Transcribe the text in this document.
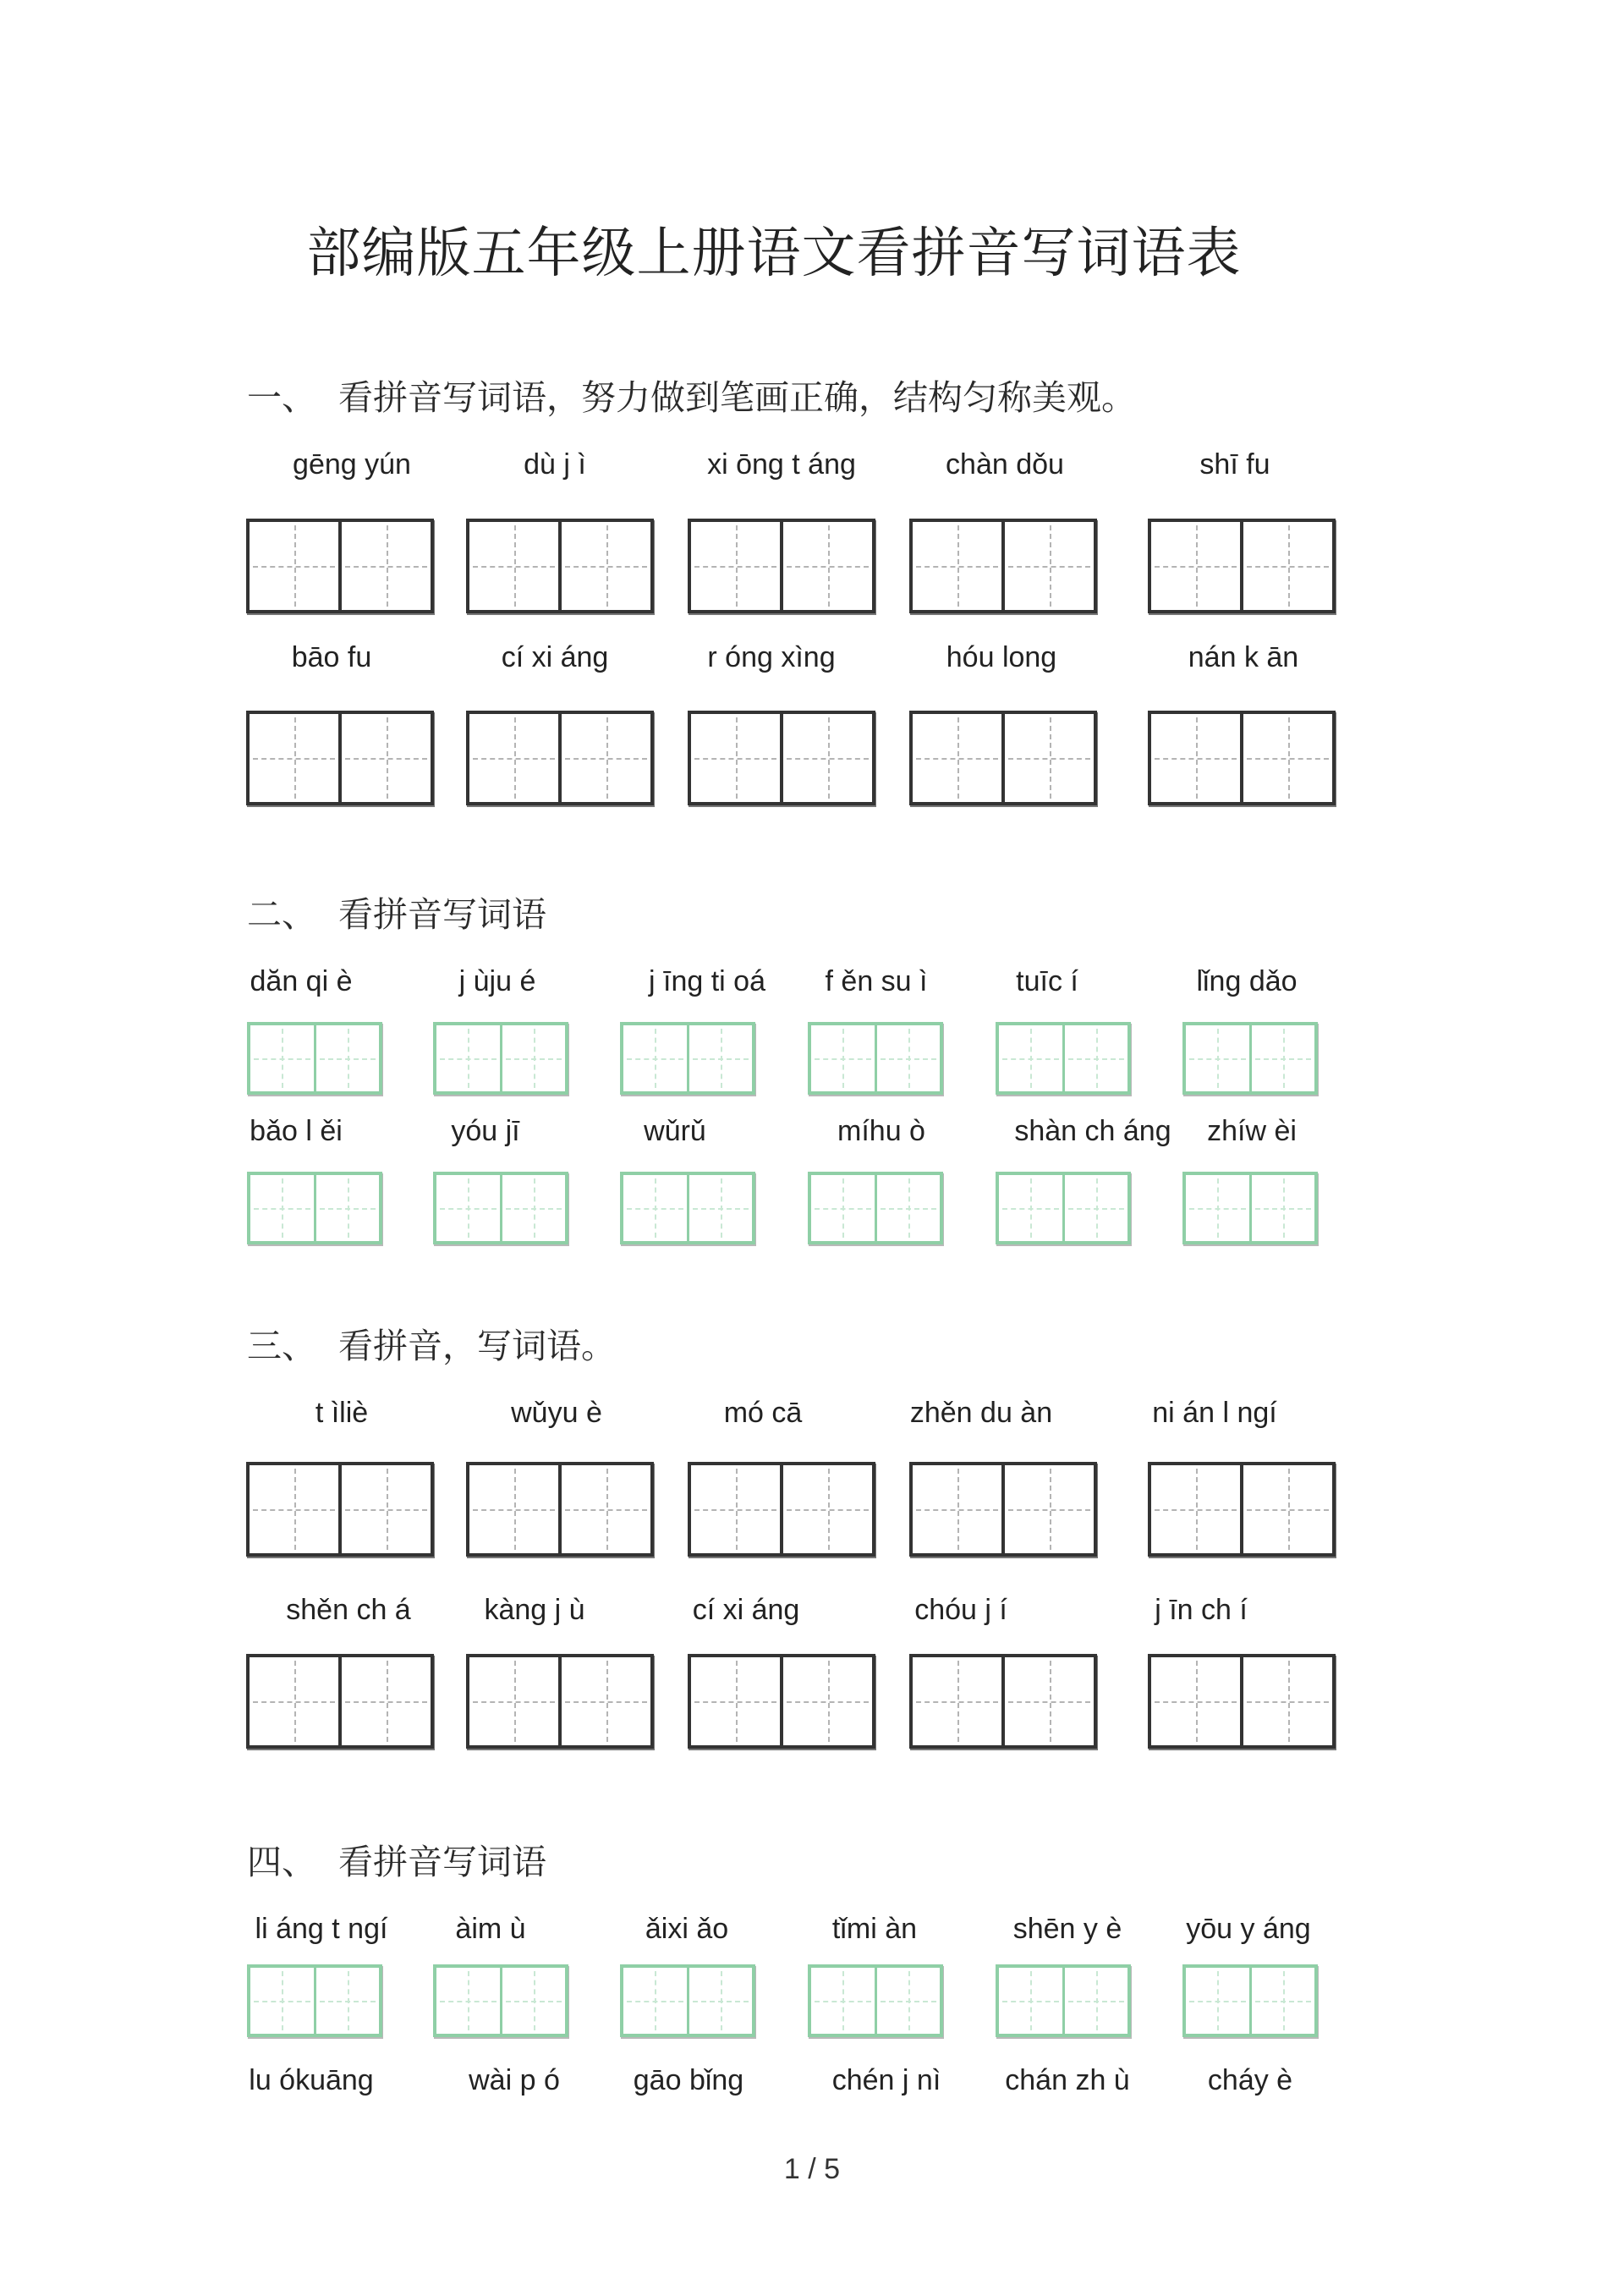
部编版五年级上册语文看拼音写词语表
一、 看拼音写词语，努力做到笔画正确，结构匀称美观。
gēng yún	dù j ì	xi ōng t áng	chàn dǒu	shī fu
bāo fu	cí xi áng	r óng xìng	hóu long	nán k ān
二、 看拼音写词语
dăn qi è	j ùju é	j īng ti oá f ěn su ì	tuīc í	lǐng dǎo
bǎo l ěi	yóu jī	wǔrǔ	míhu ò	shàn ch áng zhíw èi
三、 看拼音，写词语。
t ìliè	wǔyu è	mó cā	zhěn du àn	ni án l ngí
shěn ch á	kàng j ù	cí xi áng	chóu j í	j īn ch í
四、 看拼音写词语
li áng t ngí àim ù	ǎixi ǎo	tǐmi àn	shēn y è yōu y áng
lu ókuāng	wài p ó	gāo bǐng	chén j nì chán zh ù	cháy è
1 / 5
